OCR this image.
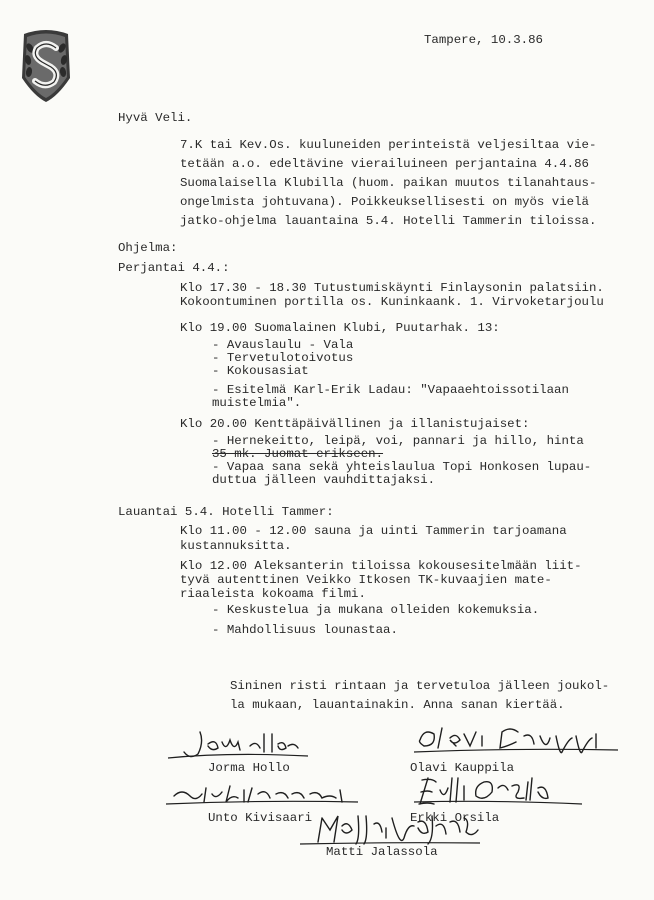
Tampere, 10.3.86
Hyvä Veli.
7.K tai Kev.Os. kuuluneiden perinteistä veljesiltaa vie-
tetään a.o. edeltävine vierailuineen perjantaina 4.4.86
Suomalaisella Klubilla (huom. paikan muutos tilanahtaus-
ongelmista johtuvana). Poikkeuksellisesti on myös vielä
jatko-ohjelma lauantaina 5.4. Hotelli Tammerin tiloissa.
Ohjelma:
Perjantai 4.4.:
Klo 17.30 - 18.30 Tutustumiskäynti Finlaysonin palatsiin.
Kokoontuminen portilla os. Kuninkaank. 1. Virvoketarjoulu
Klo 19.00 Suomalainen Klubi, Puutarhak. 13:
- Avauslaulu - Vala
- Tervetulotoivotus
- Kokousasiat
- Esitelmä Karl-Erik Ladau: "Vapaaehtoissotilaan
muistelmia".
Klo 20.00 Kenttäpäivällinen ja illanistujaiset:
- Hernekeitto, leipä, voi, pannari ja hillo, hinta
35 mk. Juomat erikseen.
- Vapaa sana sekä yhteislaulua Topi Honkosen lupau-
duttua jälleen vauhdittajaksi.
Lauantai 5.4. Hotelli Tammer:
Klo 11.00 - 12.00 sauna ja uinti Tammerin tarjoamana
kustannuksitta.
Klo 12.00 Aleksanterin tiloissa kokousesitelmään liit-
tyvä autenttinen Veikko Itkosen TK-kuvaajien mate-
riaaleista kokoama filmi.
- Keskustelua ja mukana olleiden kokemuksia.
- Mahdollisuus lounastaa.
Sininen risti rintaan ja tervetuloa jälleen joukol-
la mukaan, lauantainakin. Anna sanan kiertää.
Jorma Hollo	Olavi Kauppila
Unto Kivisaari	Erkki Orsila
Matti Jalassola
